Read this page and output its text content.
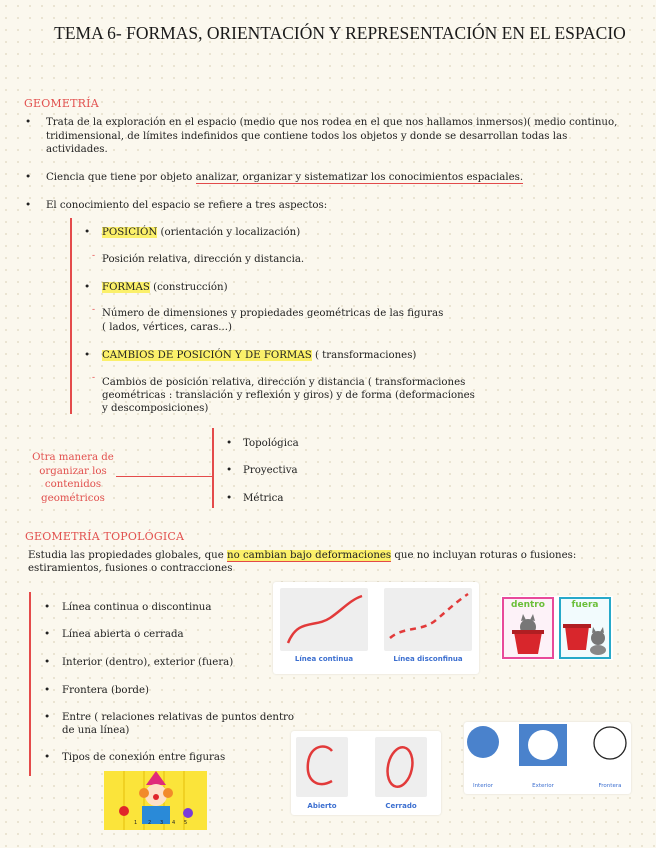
TEMA 6- FORMAS, ORIENTACIÓN Y REPRESENTACIÓN EN EL ESPACIO
GEOMETRÍA
• Trata de la exploración en el espacio (medio que nos rodea en el que nos hallamos inmersos)( medio continuo, tridimensional, de límites indefinidos que contiene todos los objetos y donde se desarrollan todas las actividades.
• Ciencia que tiene por objeto analizar, organizar y sistematizar los conocimientos espaciales.
• El conocimiento del espacio se refiere a tres aspectos:
• POSICIÓN (orientación y localización)
- Posición relativa, dirección y distancia.
• FORMAS (construcción)
- Número de dimensiones y propiedades geométricas de las figuras
( lados, vértices, caras...)
• CAMBIOS DE POSICIÓN Y DE FORMAS ( transformaciones)
- Cambios de posición relativa, dirección y distancia ( transformaciones
geométricas : translación y reflexión y giros) y de forma (deformaciones
y descomposiciones)
Otra manera de
organizar los
contenidos
geométricos
• Topológica
• Proyectiva
• Métrica
GEOMETRÍA TOPOLÓGICA
Estudia las propiedades globales, que no cambian bajo deformaciones que no incluyan roturas o fusiones:
estiramientos, fusiones o contracciones
• Línea continua o discontinua
• Línea abierta o cerrada
• Interior (dentro), exterior (fuera)
• Frontera (borde)
• Entre ( relaciones relativas de puntos dentro
de una línea)
• Tipos de conexión entre figuras
Línea continua	Línea disconfinua
dentro	fuera
Abierto	Cerrado
Interior	Exterior	Frontera
1 2 3 4 5
